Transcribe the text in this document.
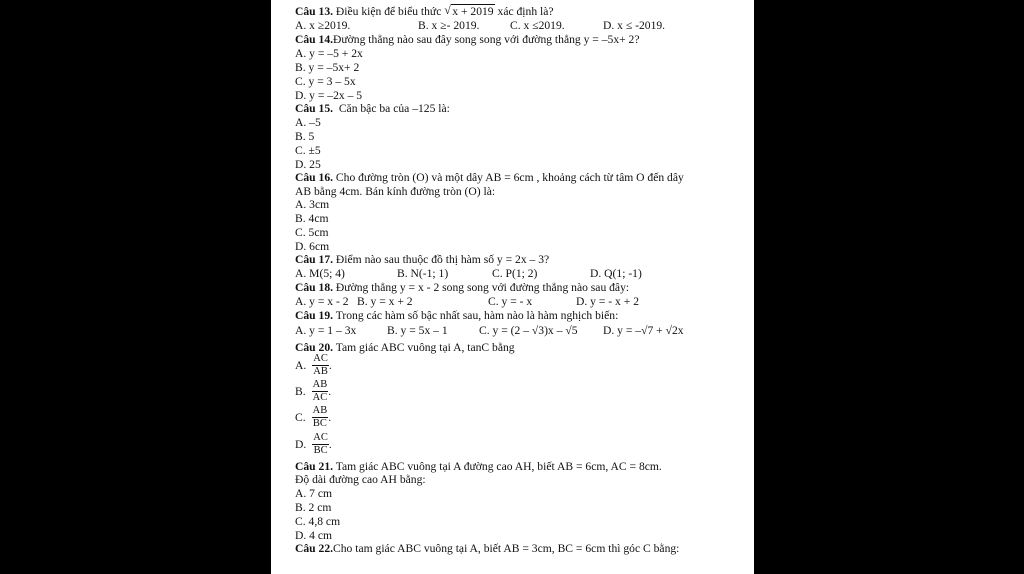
Câu 13. Điều kiện để biểu thức √ x + 2019 xác định là?
A. x ≥2019.	B. x ≥- 2019.	C. x ≤2019.	D. x ≤ -2019.
Câu 14.Đường thẳng nào sau đây song song với đường thẳng y = –5x+ 2?
A. y = –5 + 2x
B. y = –5x+ 2
C. y = 3 – 5x
D. y = –2x – 5
Câu 15. Căn bậc ba của –125 là:
A. –5
B. 5
C. ±5
D. 25
Câu 16. Cho đường tròn (O) và một dây AB = 6cm , khoảng cách từ tâm O đến dây
AB bằng 4cm. Bán kính đường tròn (O) là:
A. 3cm
B. 4cm
C. 5cm
D. 6cm
Câu 17. Điểm nào sau thuộc đồ thị hàm số y = 2x – 3?
A. M(5; 4)	B. N(-1; 1)	C. P(1; 2)	D. Q(1; -1)
Câu 18. Đường thẳng y = x - 2 song song với đường thẳng nào sau đây:
A. y = x - 2 B. y = x + 2	C. y = - x	D. y = - x + 2
Câu 19. Trong các hàm số bậc nhất sau, hàm nào là hàm nghịch biến:
A. y = 1 – 3x	B. y = 5x – 1	C. y = (2 – √3)x – √5 D. y = –√7 + √2x
Câu 20. Tam giác ABC vuông tại A, tanC bằng
A. $\frac{AC}{AB}$ .
B. $\frac{AB}{AC}$ .
C. $\frac{AB}{BC}$ .
D. $\frac{AC}{BC}$ .
Câu 21. Tam giác ABC vuông tại A đường cao AH, biết AB = 6cm, AC = 8cm.
Độ dài đường cao AH bằng:
A. 7 cm
B. 2 cm
C. 4,8 cm
D. 4 cm
Câu 22.Cho tam giác ABC vuông tại A, biết AB = 3cm, BC = 6cm thì góc C bằng:
